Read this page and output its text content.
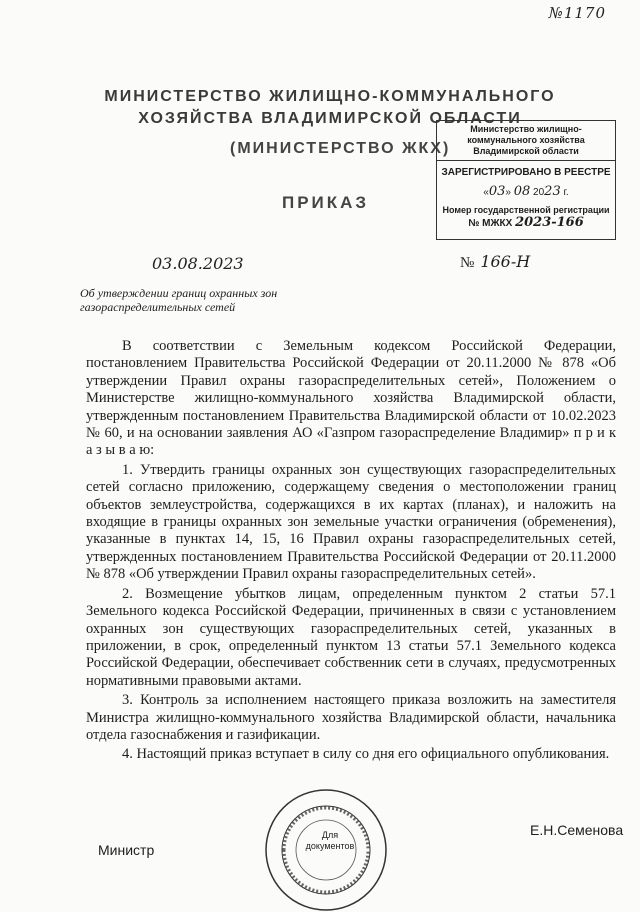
№1170
МИНИСТЕРСТВО ЖИЛИЩНО-КОММУНАЛЬНОГО ХОЗЯЙСТВА ВЛАДИМИРСКОЙ ОБЛАСТИ
(МИНИСТЕРСТВО ЖКХ)
ПРИКАЗ
Министерство жилищно-коммунального хозяйства Владимирской области
ЗАРЕГИСТРИРОВАНО В РЕЕСТРЕ
«03» 08 2023 г.
Номер государственной регистрации
№ МЖКХ 2023-166
03.08.2023	№ 166-Н
Об утверждении границ охранных зон газораспределительных сетей

В соответствии с Земельным кодексом Российской Федерации, постановлением Правительства Российской Федерации от 20.11.2000 № 878 «Об утверждении Правил охраны газораспределительных сетей», Положением о Министерстве жилищно-коммунального хозяйства Владимирской области, утвержденным постановлением Правительства Владимирской области от 10.02.2023 № 60, и на основании заявления АО «Газпром газораспределение Владимир» п р и к а з ы в а ю:

1. Утвердить границы охранных зон существующих газораспределительных сетей согласно приложению, содержащему сведения о местоположении границ объектов землеустройства, содержащихся в их картах (планах), и наложить на входящие в границы охранных зон земельные участки ограничения (обременения), указанные в пунктах 14, 15, 16 Правил охраны газораспределительных сетей, утвержденных постановлением Правительства Российской Федерации от 20.11.2000 № 878 «Об утверждении Правил охраны газораспределительных сетей».

2. Возмещение убытков лицам, определенным пунктом 2 статьи 57.1 Земельного кодекса Российской Федерации, причиненных в связи с установлением охранных зон существующих газораспределительных сетей, указанных в приложении, в срок, определенный пунктом 13 статьи 57.1 Земельного кодекса Российской Федерации, обеспечивает собственник сети в случаях, предусмотренных нормативными правовыми актами.

3. Контроль за исполнением настоящего приказа возложить на заместителя Министра жилищно-коммунального хозяйства Владимирской области, начальника отдела газоснабжения и газификации.

4. Настоящий приказ вступает в силу со дня его официального опубликования.

Для документов
Министр
Е.Н.Семенова
